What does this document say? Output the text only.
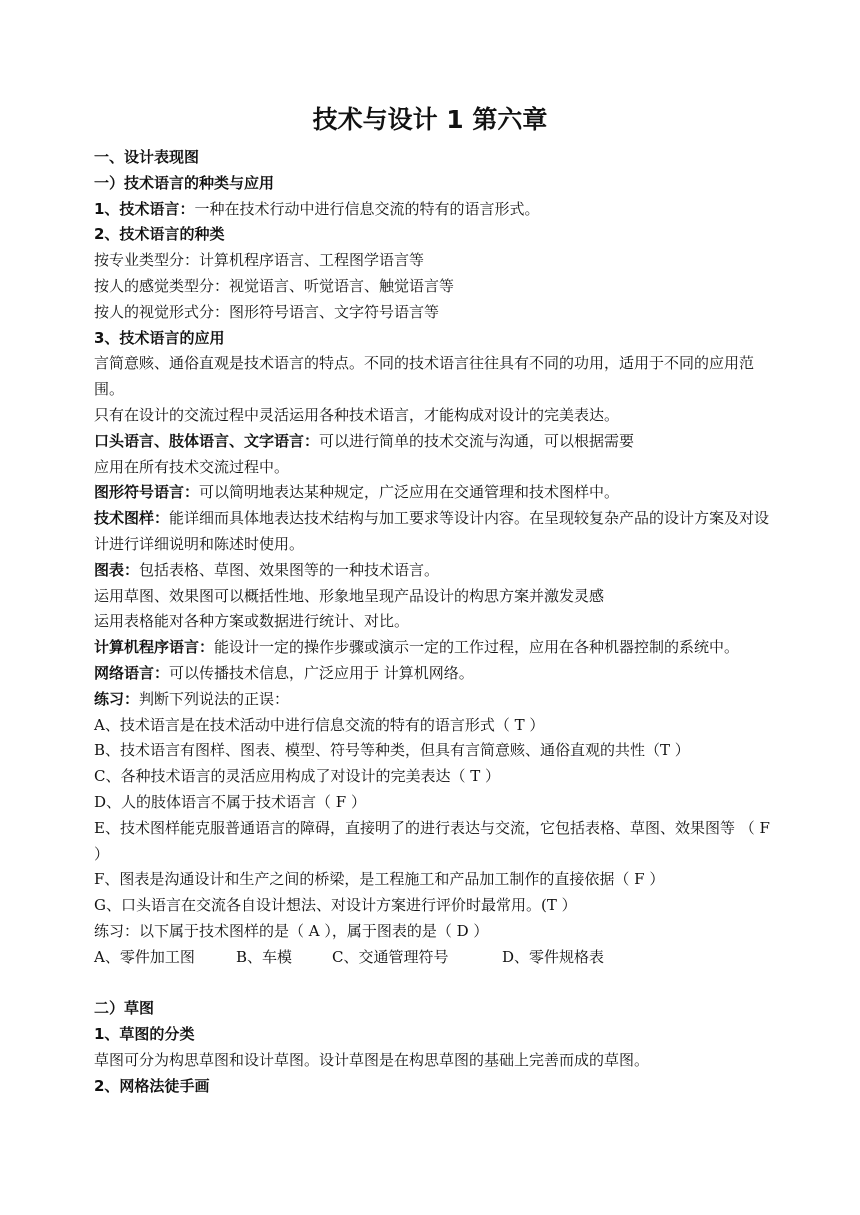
技术与设计 1 第六章
一、设计表现图
一）技术语言的种类与应用
1、技术语言：一种在技术行动中进行信息交流的特有的语言形式。
2、技术语言的种类
按专业类型分：计算机程序语言、工程图学语言等
按人的感觉类型分：视觉语言、听觉语言、触觉语言等
按人的视觉形式分：图形符号语言、文字符号语言等
3、技术语言的应用
言简意赅、通俗直观是技术语言的特点。不同的技术语言往往具有不同的功用，适用于不同的应用范围。
只有在设计的交流过程中灵活运用各种技术语言，才能构成对设计的完美表达。
口头语言、肢体语言、文字语言：可以进行简单的技术交流与沟通，可以根据需要
应用在所有技术交流过程中。
图形符号语言：可以简明地表达某种规定，广泛应用在交通管理和技术图样中。
技术图样：能详细而具体地表达技术结构与加工要求等设计内容。在呈现较复杂产品的设计方案及对设计进行详细说明和陈述时使用。
图表：包括表格、草图、效果图等的一种技术语言。
运用草图、效果图可以概括性地、形象地呈现产品设计的构思方案并激发灵感
运用表格能对各种方案或数据进行统计、对比。
计算机程序语言：能设计一定的操作步骤或演示一定的工作过程，应用在各种机器控制的系统中。
网络语言：可以传播技术信息，广泛应用于 计算机网络。
练习：判断下列说法的正误：
A、技术语言是在技术活动中进行信息交流的特有的语言形式（ T ）
B、技术语言有图样、图表、模型、符号等种类，但具有言简意赅、通俗直观的共性（T ）
C、各种技术语言的灵活应用构成了对设计的完美表达（ T ）
D、人的肢体语言不属于技术语言（ F ）
E、技术图样能克服普通语言的障碍，直接明了的进行表达与交流，它包括表格、草图、效果图等 （ F ）
F、图表是沟通设计和生产之间的桥梁，是工程施工和产品加工制作的直接依据（ F ）
G、口头语言在交流各自设计想法、对设计方案进行评价时最常用。(T ）
练习：以下属于技术图样的是（ A ），属于图表的是（ D ）
A、零件加工图	B、车模	C、交通管理符号	D、零件规格表
二）草图
1、草图的分类
草图可分为构思草图和设计草图。设计草图是在构思草图的基础上完善而成的草图。
2、网格法徒手画
